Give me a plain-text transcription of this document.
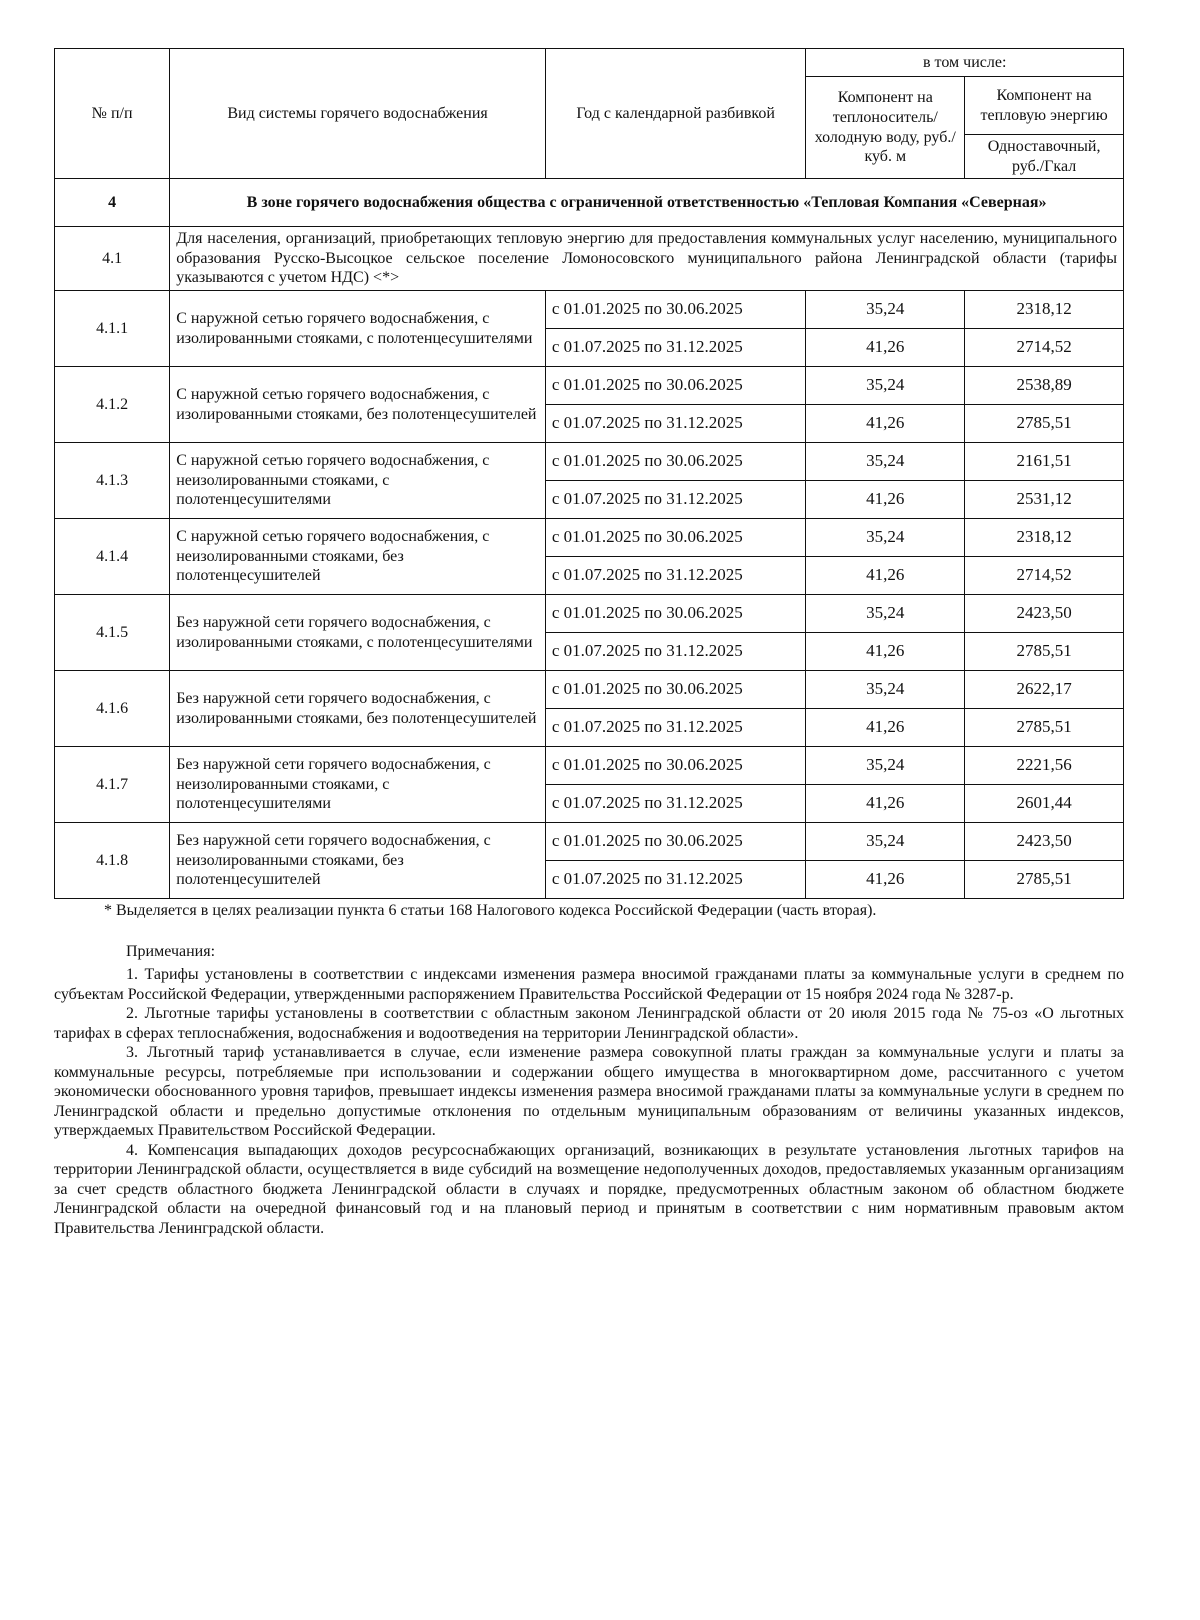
№ п/п	Вид системы горячего водоснабжения	Год с календарной разбивкой	в том числе:	
			Компонент на теплоноситель/ холодную воду, руб./куб. м	Компонент на тепловую энергию
				Одноставочный, руб./Гкал
4	В зоне горячего водоснабжения общества с ограниченной ответственностью «Тепловая Компания «Северная»			
4.1	Для населения, организаций, приобретающих тепловую энергию для предоставления коммунальных услуг населению, муниципального образования Русско-Высоцкое сельское поселение Ломоносовского муниципального района Ленинградской области (тарифы указываются с учетом НДС) <*>			
4.1.1	С наружной сетью горячего водоснабжения, с изолированными стояками, с полотенцесушителями	с 01.01.2025 по 30.06.2025	35,24	2318,12
		с 01.07.2025 по 31.12.2025	41,26	2714,52
4.1.2	С наружной сетью горячего водоснабжения, с изолированными стояками, без полотенцесушителей	с 01.01.2025 по 30.06.2025	35,24	2538,89
		с 01.07.2025 по 31.12.2025	41,26	2785,51
4.1.3	С наружной сетью горячего водоснабжения, с неизолированными стояками, с полотенцесушителями	с 01.01.2025 по 30.06.2025	35,24	2161,51
		с 01.07.2025 по 31.12.2025	41,26	2531,12
4.1.4	С наружной сетью горячего водоснабжения, с неизолированными стояками, без полотенцесушителей	с 01.01.2025 по 30.06.2025	35,24	2318,12
		с 01.07.2025 по 31.12.2025	41,26	2714,52
4.1.5	Без наружной сети горячего водоснабжения, с изолированными стояками, с полотенцесушителями	с 01.01.2025 по 30.06.2025	35,24	2423,50
		с 01.07.2025 по 31.12.2025	41,26	2785,51
4.1.6	Без наружной сети горячего водоснабжения, с изолированными стояками, без полотенцесушителей	с 01.01.2025 по 30.06.2025	35,24	2622,17
		с 01.07.2025 по 31.12.2025	41,26	2785,51
4.1.7	Без наружной сети горячего водоснабжения, с неизолированными стояками, с полотенцесушителями	с 01.01.2025 по 30.06.2025	35,24	2221,56
		с 01.07.2025 по 31.12.2025	41,26	2601,44
4.1.8	Без наружной сети горячего водоснабжения, с неизолированными стояками, без полотенцесушителей	с 01.01.2025 по 30.06.2025	35,24	2423,50
		с 01.07.2025 по 31.12.2025	41,26	2785,51
* Выделяется в целях реализации пункта 6 статьи 168 Налогового кодекса Российской Федерации (часть вторая).
Примечания:

1. Тарифы установлены в соответствии с индексами изменения размера вносимой гражданами платы за коммунальные услуги в среднем по субъектам Российской Федерации, утвержденными распоряжением Правительства Российской Федерации от 15 ноября 2024 года № 3287-р.

2. Льготные тарифы установлены в соответствии с областным законом Ленинградской области от 20 июля 2015 года № 75-оз «О льготных тарифах в сферах теплоснабжения, водоснабжения и водоотведения на территории Ленинградской области».

3. Льготный тариф устанавливается в случае, если изменение размера совокупной платы граждан за коммунальные услуги и платы за коммунальные ресурсы, потребляемые при использовании и содержании общего имущества в многоквартирном доме, рассчитанного с учетом экономически обоснованного уровня тарифов, превышает индексы изменения размера вносимой гражданами платы за коммунальные услуги в среднем по Ленинградской области и предельно допустимые отклонения по отдельным муниципальным образованиям от величины указанных индексов, утверждаемых Правительством Российской Федерации.

4. Компенсация выпадающих доходов ресурсоснабжающих организаций, возникающих в результате установления льготных тарифов на территории Ленинградской области, осуществляется в виде субсидий на возмещение недополученных доходов, предоставляемых указанным организациям за счет средств областного бюджета Ленинградской области в случаях и порядке, предусмотренных областным законом об областном бюджете Ленинградской области на очередной финансовый год и на плановый период и принятым в соответствии с ним нормативным правовым актом Правительства Ленинградской области.
